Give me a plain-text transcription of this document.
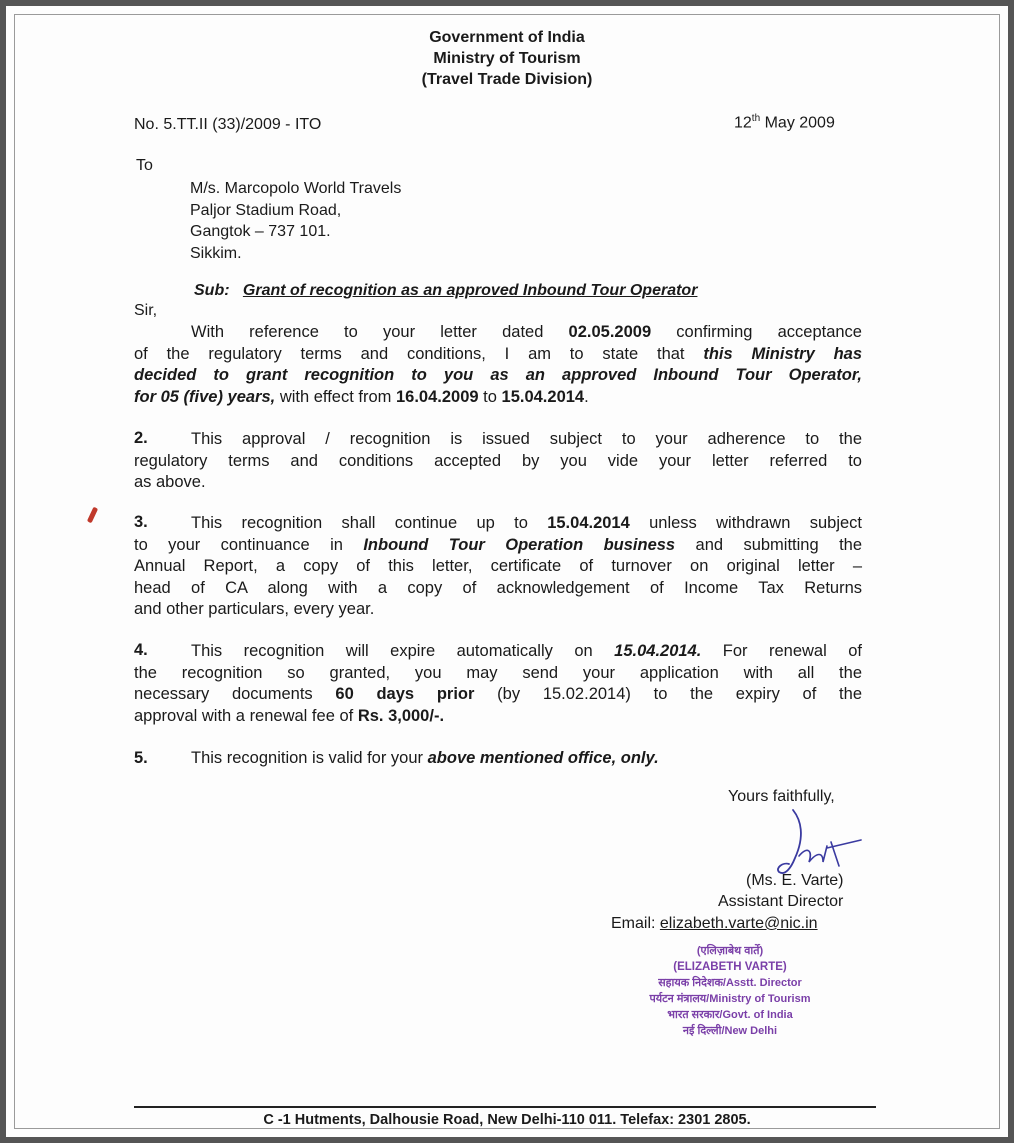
Government of India
Ministry of Tourism
(Travel Trade Division)
No. 5.TT.II (33)/2009 - ITO	12th May 2009
To
M/s. Marcopolo World Travels
Paljor Stadium Road,
Gangtok – 737 101.
Sikkim.
Sub: Grant of recognition as an approved Inbound Tour Operator
Sir,
With reference to your letter dated 02.05.2009 confirming acceptance
of the regulatory terms and conditions, I am to state that this Ministry has
decided to grant recognition to you as an approved Inbound Tour Operator,
for 05 (five) years, with effect from 16.04.2009 to 15.04.2014.
2.	This approval / recognition is issued subject to your adherence to the
regulatory terms and conditions accepted by you vide your letter referred to
as above.
3.	This recognition shall continue up to 15.04.2014 unless withdrawn subject
to your continuance in Inbound Tour Operation business and submitting the
Annual Report, a copy of this letter, certificate of turnover on original letter –
head of CA along with a copy of acknowledgement of Income Tax Returns
and other particulars, every year.
4.	This recognition will expire automatically on 15.04.2014. For renewal of
the recognition so granted, you may send your application with all the
necessary documents 60 days prior (by 15.02.2014) to the expiry of the
approval with a renewal fee of Rs. 3,000/-.
5.	This recognition is valid for your above mentioned office, only.
Yours faithfully,
(Ms. E. Varte)
Assistant Director
Email: elizabeth.varte@nic.in
(एलिज़ाबेथ वार्ते)
(ELIZABETH VARTE)
सहायक निदेशक/Asstt. Director
पर्यटन मंत्रालय/Ministry of Tourism
भारत सरकार/Govt. of India
नई दिल्ली/New Delhi
C -1 Hutments, Dalhousie Road, New Delhi-110 011. Telefax: 2301 2805.
